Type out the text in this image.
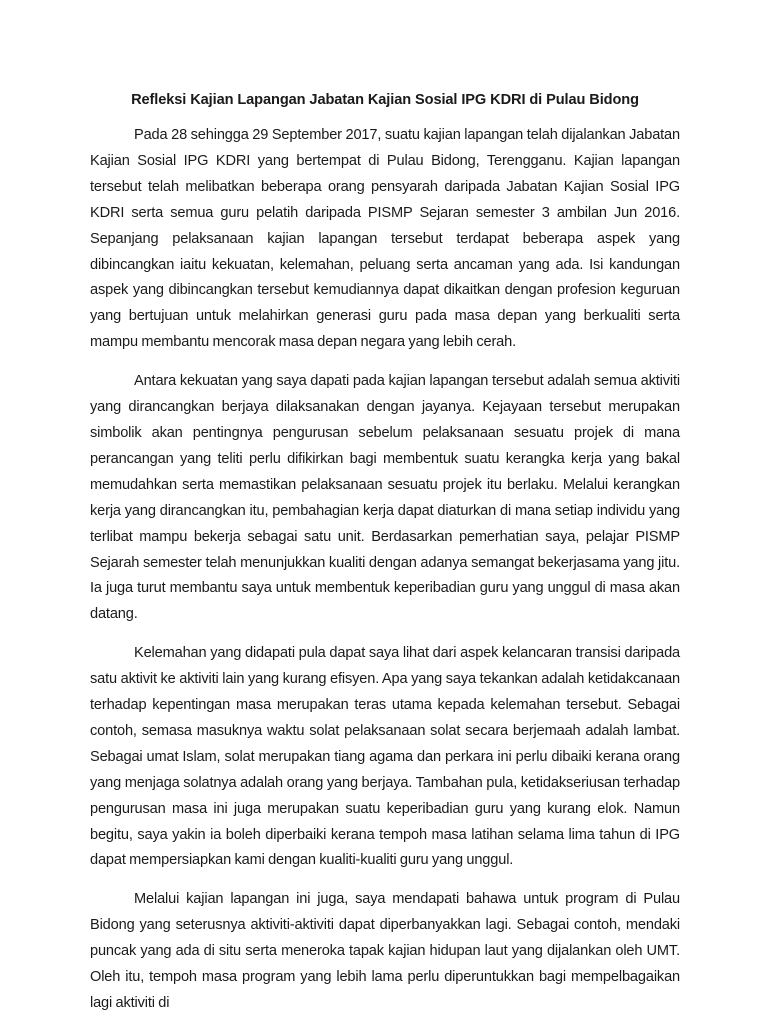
Refleksi Kajian Lapangan Jabatan Kajian Sosial IPG KDRI di Pulau Bidong

Pada 28 sehingga 29 September 2017, suatu kajian lapangan telah dijalankan Jabatan Kajian Sosial IPG KDRI yang bertempat di Pulau Bidong, Terengganu. Kajian lapangan tersebut telah melibatkan beberapa orang pensyarah daripada Jabatan Kajian Sosial IPG KDRI serta semua guru pelatih daripada PISMP Sejaran semester 3 ambilan Jun 2016. Sepanjang pelaksanaan kajian lapangan tersebut terdapat beberapa aspek yang dibincangkan iaitu kekuatan, kelemahan, peluang serta ancaman yang ada. Isi kandungan aspek yang dibincangkan tersebut kemudiannya dapat dikaitkan dengan profesion keguruan yang bertujuan untuk melahirkan generasi guru pada masa depan yang berkualiti serta mampu membantu mencorak masa depan negara yang lebih cerah.

Antara kekuatan yang saya dapati pada kajian lapangan tersebut adalah semua aktiviti yang dirancangkan berjaya dilaksanakan dengan jayanya. Kejayaan tersebut merupakan simbolik akan pentingnya pengurusan sebelum pelaksanaan sesuatu projek di mana perancangan yang teliti perlu difikirkan bagi membentuk suatu kerangka kerja yang bakal memudahkan serta memastikan pelaksanaan sesuatu projek itu berlaku. Melalui kerangkan kerja yang dirancangkan itu, pembahagian kerja dapat diaturkan di mana setiap individu yang terlibat mampu bekerja sebagai satu unit. Berdasarkan pemerhatian saya, pelajar PISMP Sejarah semester telah menunjukkan kualiti dengan adanya semangat bekerjasama yang jitu. Ia juga turut membantu saya untuk membentuk keperibadian guru yang unggul di masa akan datang.

Kelemahan yang didapati pula dapat saya lihat dari aspek kelancaran transisi daripada satu aktivit ke aktiviti lain yang kurang efisyen. Apa yang saya tekankan adalah ketidakcanaan terhadap kepentingan masa merupakan teras utama kepada kelemahan tersebut. Sebagai contoh, semasa masuknya waktu solat pelaksanaan solat secara berjemaah adalah lambat. Sebagai umat Islam, solat merupakan tiang agama dan perkara ini perlu dibaiki kerana orang yang menjaga solatnya adalah orang yang berjaya. Tambahan pula, ketidakseriusan terhadap pengurusan masa ini juga merupakan suatu keperibadian guru yang kurang elok. Namun begitu, saya yakin ia boleh diperbaiki kerana tempoh masa latihan selama lima tahun di IPG dapat mempersiapkan kami dengan kualiti-kualiti guru yang unggul.

Melalui kajian lapangan ini juga, saya mendapati bahawa untuk program di Pulau Bidong yang seterusnya aktiviti-aktiviti dapat diperbanyakkan lagi. Sebagai contoh, mendaki puncak yang ada di situ serta meneroka tapak kajian hidupan laut yang dijalankan oleh UMT. Oleh itu, tempoh masa program yang lebih lama perlu diperuntukkan bagi mempelbagaikan lagi aktiviti di
